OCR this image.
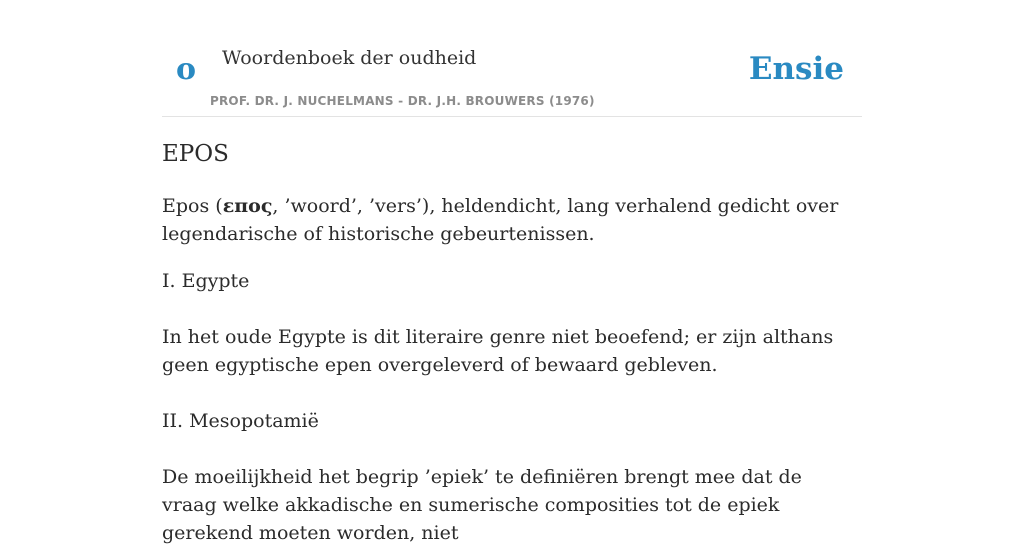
o Woordenboek der oudheid
PROF. DR. J. NUCHELMANS - DR. J.H. BROUWERS (1976)
Ensie
EPOS

Epos (επος, ’woord’, ’vers’), heldendicht, lang verhalend gedicht over legendarische of historische gebeurtenissen.

I. Egypte

In het oude Egypte is dit literaire genre niet beoefend; er zijn althans geen egyptische epen overgeleverd of bewaard gebleven.

II. Mesopotamië

De moeilijkheid het begrip ’epiek’ te definiëren brengt mee dat de vraag welke akkadische en sumerische composities tot de epiek gerekend moeten worden, niet
